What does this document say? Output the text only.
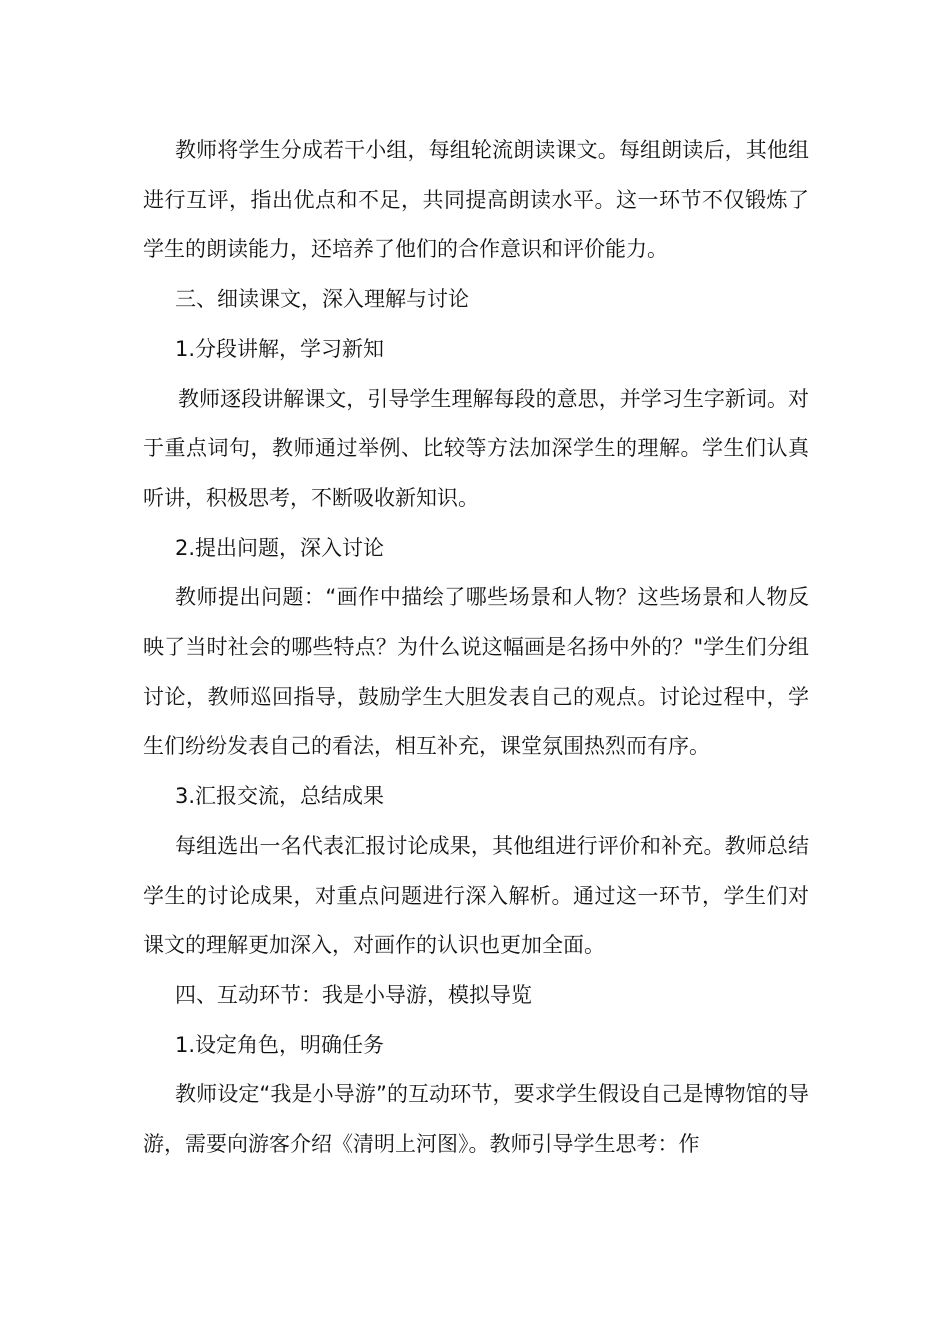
教师将学生分成若干小组，每组轮流朗读课文。每组朗读后，其他组进行互评，指出优点和不足，共同提高朗读水平。这一环节不仅锻炼了学生的朗读能力，还培养了他们的合作意识和评价能力。

三、细读课文，深入理解与讨论

1.分段讲解，学习新知

教师逐段讲解课文，引导学生理解每段的意思，并学习生字新词。对于重点词句，教师通过举例、比较等方法加深学生的理解。学生们认真听讲，积极思考，不断吸收新知识。

2.提出问题，深入讨论

教师提出问题：“画作中描绘了哪些场景和人物？这些场景和人物反映了当时社会的哪些特点？为什么说这幅画是名扬中外的？"学生们分组讨论，教师巡回指导，鼓励学生大胆发表自己的观点。讨论过程中，学生们纷纷发表自己的看法，相互补充，课堂氛围热烈而有序。

3.汇报交流，总结成果

每组选出一名代表汇报讨论成果，其他组进行评价和补充。教师总结学生的讨论成果，对重点问题进行深入解析。通过这一环节，学生们对课文的理解更加深入，对画作的认识也更加全面。

四、互动环节：我是小导游，模拟导览

1.设定角色，明确任务

教师设定“我是小导游”的互动环节，要求学生假设自己是博物馆的导游，需要向游客介绍《清明上河图》。教师引导学生思考：作
